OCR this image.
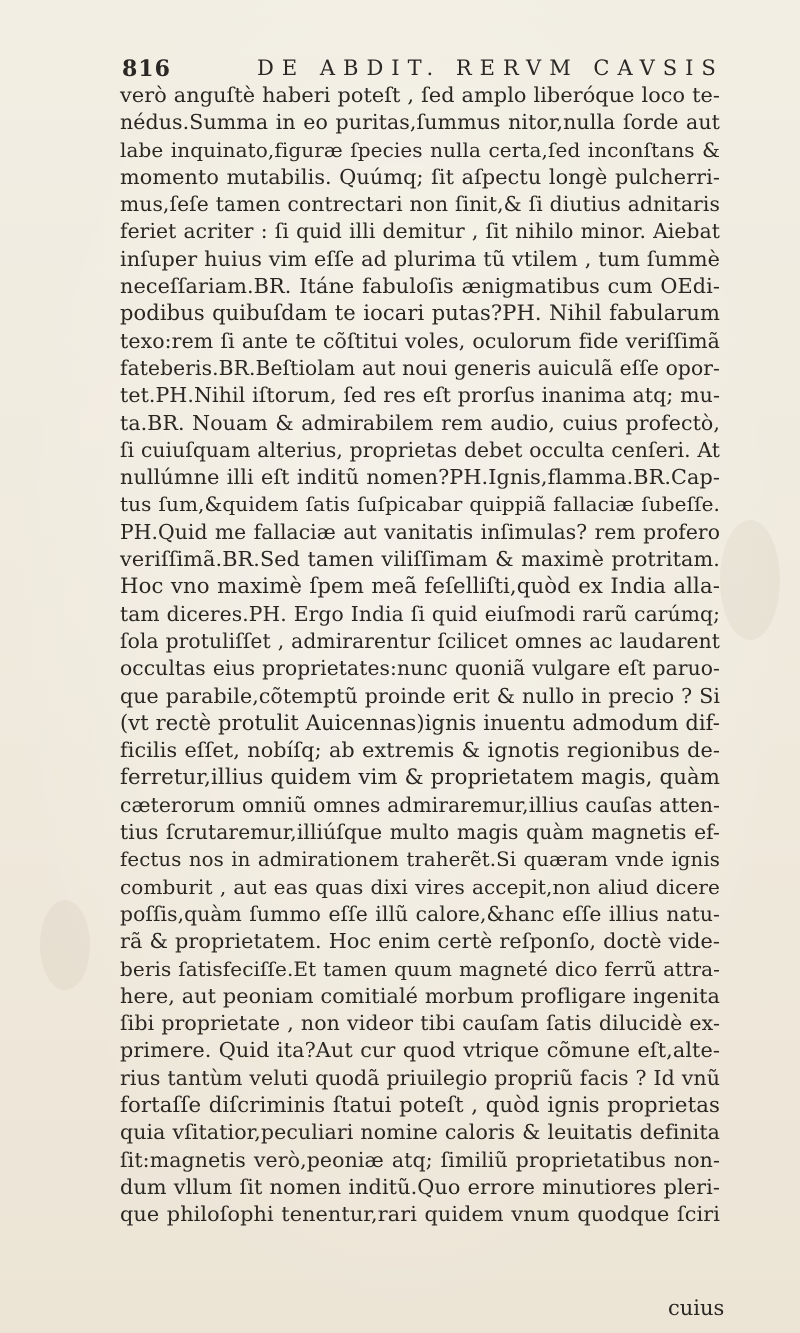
816	DE ABDIT. RERVM CAVSIS
verò anguſtè haberi poteſt , ſed amplo liberóque loco te-
nédus.Summa in eo puritas,ſummus nitor,nulla ſorde aut
labe inquinato,figuræ ſpecies nulla certa,ſed inconſtans &
momento mutabilis. Quúmq; ſit aſpectu longè pulcherri-
mus,ſeſe tamen contrectari non ſinit,& ſi diutius adnitaris
feriet acriter : ſi quid illi demitur , ſit nihilo minor. Aiebat
inſuper huius vim eſſe ad plurima tũ vtilem , tum ſummè
neceſſariam.BR. Itáne fabuloſis ænigmatibus cum OEdi-
podibus quibuſdam te iocari putas?PH. Nihil fabularum
texo:rem ſi ante te cõſtitui voles, oculorum fide veriſſimã
fateberis.BR.Beſtiolam aut noui generis auiculã eſſe opor-
tet.PH.Nihil iſtorum, ſed res eſt prorſus inanima atq; mu-
ta.BR. Nouam & admirabilem rem audio, cuius profectò,
ſi cuiuſquam alterius, proprietas debet occulta cenſeri. At
nullúmne illi eſt inditũ nomen?PH.Ignis,flamma.BR.Cap-
tus ſum,&quidem ſatis ſuſpicabar quippiã fallaciæ ſubeſſe.
PH.Quid me fallaciæ aut vanitatis inſimulas? rem profero
veriſſimã.BR.Sed tamen viliſſimam & maximè protritam.
Hoc vno maximè ſpem meã feſelliſti,quòd ex India alla-
tam diceres.PH. Ergo India ſi quid eiuſmodi rarũ carúmq;
ſola protuliſſet , admirarentur ſcilicet omnes ac laudarent
occultas eius proprietates:nunc quoniã vulgare eſt paruo-
que parabile,cõtemptũ proinde erit & nullo in precio ? Si
(vt rectè protulit Auicennas)ignis inuentu admodum dif-
ficilis eſſet, nobíſq; ab extremis & ignotis regionibus de-
ferretur,illius quidem vim & proprietatem magis, quàm
cæterorum omniũ omnes admiraremur,illius cauſas atten-
tius ſcrutaremur,illiúſque multo magis quàm magnetis ef-
fectus nos in admirationem traherẽt.Si quæram vnde ignis
comburit , aut eas quas dixi vires accepit,non aliud dicere
poſſis,quàm ſummo eſſe illũ calore,&hanc eſſe illius natu-
rã & proprietatem. Hoc enim certè reſponſo, doctè vide-
beris ſatisfeciſſe.Et tamen quum magneté dico ferrũ attra-
here, aut peoniam comitialé morbum profligare ingenita
ſibi proprietate , non videor tibi cauſam ſatis dilucidè ex-
primere. Quid ita?Aut cur quod vtrique cõmune eſt,alte-
rius tantùm veluti quodã priuilegio propriũ facis ? Id vnũ
fortaſſe diſcriminis ſtatui poteſt , quòd ignis proprietas
quia vſitatior,peculiari nomine caloris & leuitatis definita
ſit:magnetis verò,peoniæ atq; ſimiliũ proprietatibus non-
dum vllum ſit nomen inditũ.Quo errore minutiores pleri-
que philoſophi tenentur,rari quidem vnum quodque ſciri
cuius
